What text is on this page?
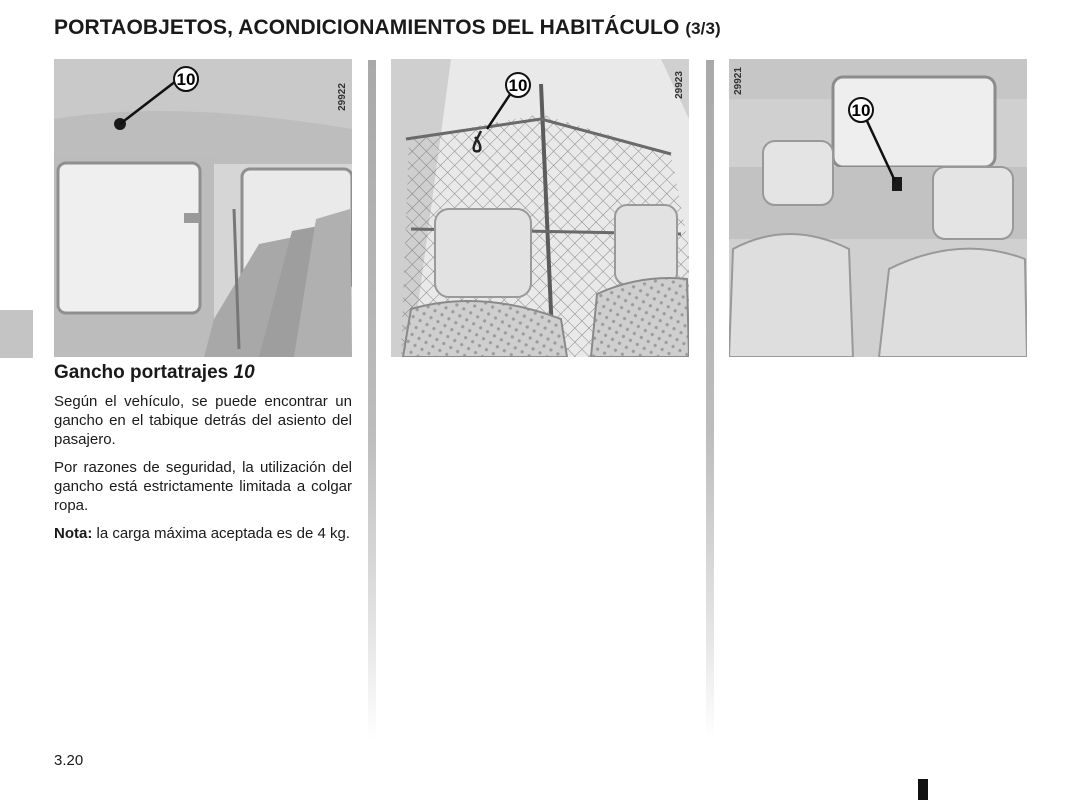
PORTAOBJETOS, ACONDICIONAMIENTOS DEL HABITÁCULO (3/3)
10
29922	10	29923
10
29921
Gancho portatrajes 10

Según el vehículo, se puede encontrar un gancho en el tabique detrás del asiento del pasajero.

Por razones de seguridad, la utilización del gancho está estrictamente limitada a colgar ropa.

Nota: la carga máxima aceptada es de 4 kg.

3.20
